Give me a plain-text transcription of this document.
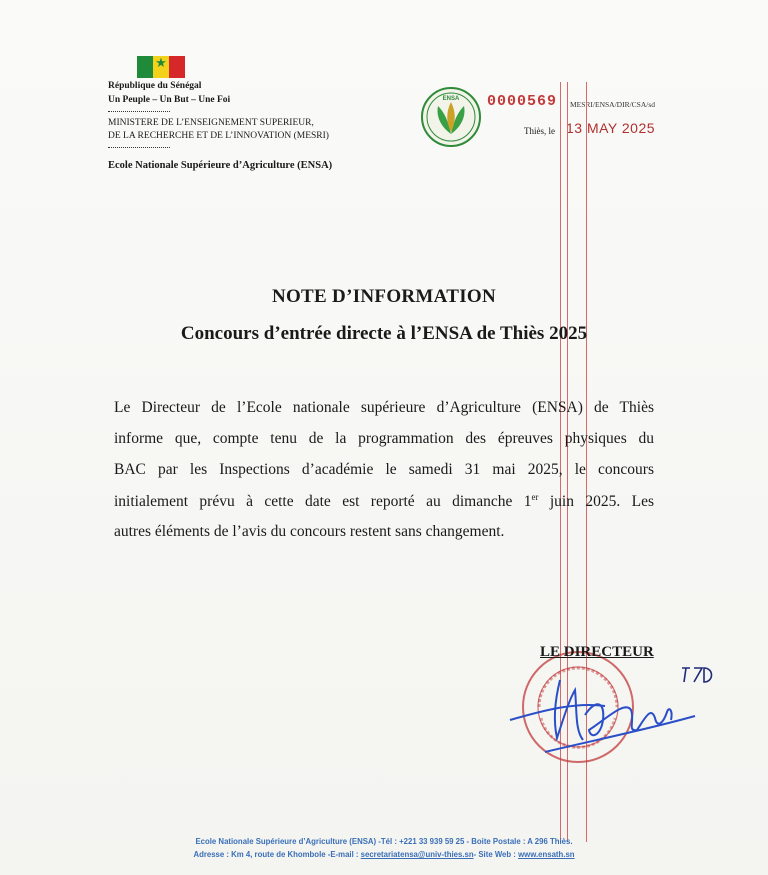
★
République du Sénégal
Un Peuple – Un But – Une Foi
MINISTERE DE L’ENSEIGNEMENT SUPERIEUR,
DE LA RECHERCHE ET DE L’INNOVATION (MESRI)
Ecole Nationale Supérieure d’Agriculture (ENSA)
ENSA 0000569 MESRI/ENSA/DIR/CSA/sd
Thiès, le 13 MAY 2025
NOTE D’INFORMATION
Concours d’entrée directe à l’ENSA de Thiès 2025
Le Directeur de l’Ecole nationale supérieure d’Agriculture (ENSA) de Thiès
informe que, compte tenu de la programmation des épreuves physiques du
BAC par les Inspections d’académie le samedi 31 mai 2025, le concours
initialement prévu à cette date est reporté au dimanche 1er juin 2025. Les
autres éléments de l’avis du concours restent sans changement.
LE DIRECTEUR
Ecole Nationale Supérieure d’Agriculture (ENSA) -Tél : +221 33 939 59 25 - Boite Postale : A 296 Thiès.
Adresse : Km 4, route de Khombole -E-mail : secretariatensa@univ-thies.sn- Site Web : www.ensath.sn
